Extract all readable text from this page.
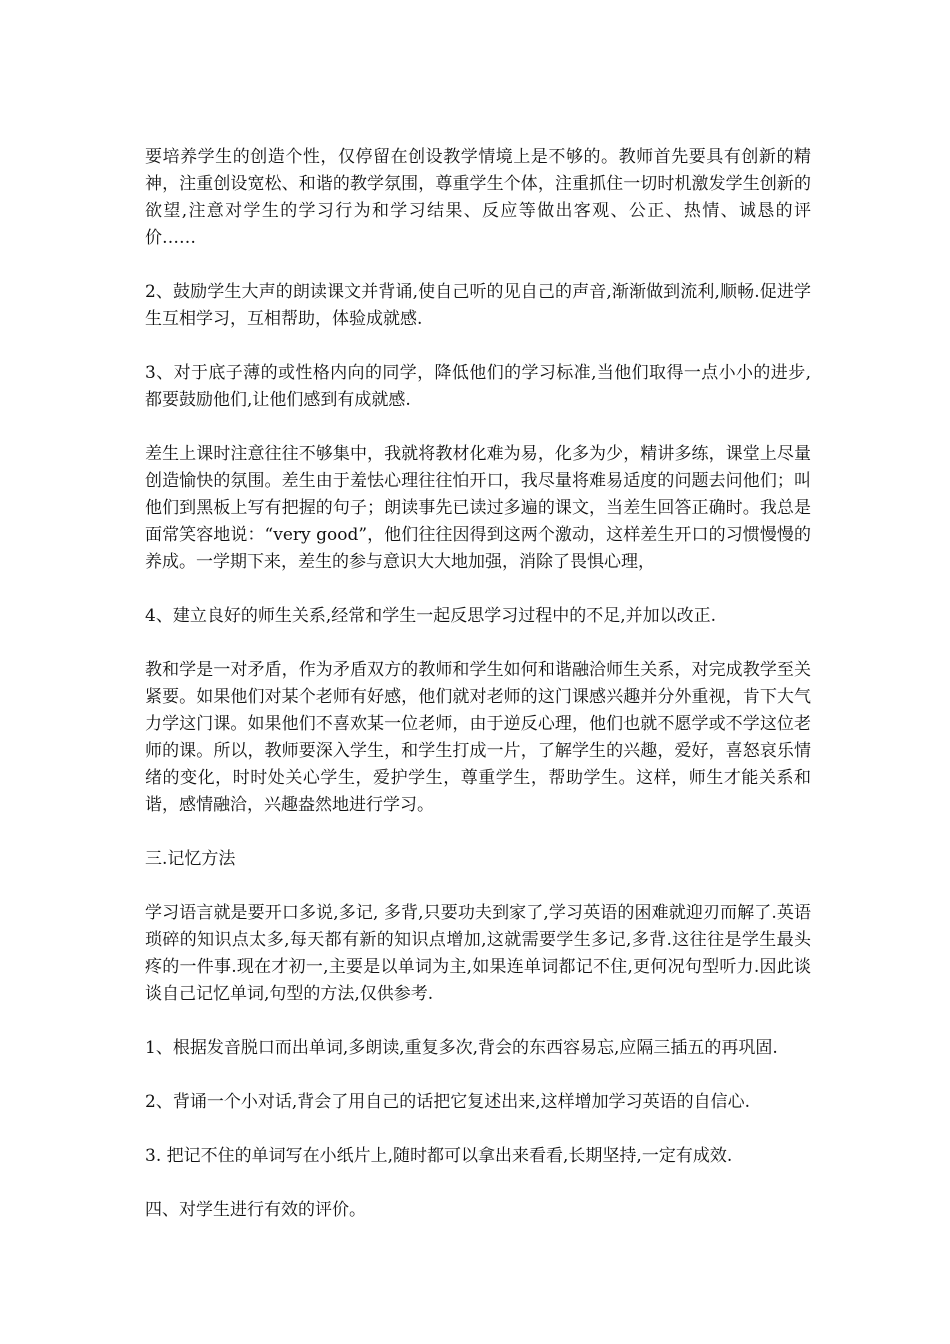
要培养学生的创造个性，仅停留在创设教学情境上是不够的。教师首先要具有创新的精神，注重创设宽松、和谐的教学氛围，尊重学生个体，注重抓住一切时机激发学生创新的欲望,注意对学生的学习行为和学习结果、反应等做出客观、公正、热情、诚恳的评价……

2、鼓励学生大声的朗读课文并背诵,使自己听的见自己的声音,渐渐做到流利,顺畅.促进学生互相学习，互相帮助，体验成就感.

3、对于底子薄的或性格内向的同学，降低他们的学习标准,当他们取得一点小小的进步,都要鼓励他们,让他们感到有成就感.

差生上课时注意往往不够集中，我就将教材化难为易，化多为少，精讲多练，课堂上尽量创造愉快的氛围。差生由于羞怯心理往往怕开口，我尽量将难易适度的问题去问他们；叫他们到黑板上写有把握的句子；朗读事先已读过多遍的课文，当差生回答正确时。我总是面常笑容地说：“very good”，他们往往因得到这两个激动，这样差生开口的习惯慢慢的养成。一学期下来，差生的参与意识大大地加强，消除了畏惧心理，

4、建立良好的师生关系,经常和学生一起反思学习过程中的不足,并加以改正.

教和学是一对矛盾，作为矛盾双方的教师和学生如何和谐融洽师生关系，对完成教学至关紧要。如果他们对某个老师有好感，他们就对老师的这门课感兴趣并分外重视，肯下大气力学这门课。如果他们不喜欢某一位老师，由于逆反心理，他们也就不愿学或不学这位老师的课。所以，教师要深入学生，和学生打成一片，了解学生的兴趣，爱好，喜怒哀乐情绪的变化，时时处关心学生，爱护学生，尊重学生，帮助学生。这样，师生才能关系和谐，感情融洽，兴趣盎然地进行学习。

三.记忆方法

学习语言就是要开口多说,多记, 多背,只要功夫到家了,学习英语的困难就迎刃而解了.英语琐碎的知识点太多,每天都有新的知识点增加,这就需要学生多记,多背.这往往是学生最头疼的一件事.现在才初一,主要是以单词为主,如果连单词都记不住,更何况句型听力.因此谈谈自己记忆单词,句型的方法,仅供参考.

1、根据发音脱口而出单词,多朗读,重复多次,背会的东西容易忘,应隔三插五的再巩固.

2、背诵一个小对话,背会了用自己的话把它复述出来,这样增加学习英语的自信心.

3. 把记不住的单词写在小纸片上,随时都可以拿出来看看,长期坚持,一定有成效.

四、对学生进行有效的评价。
